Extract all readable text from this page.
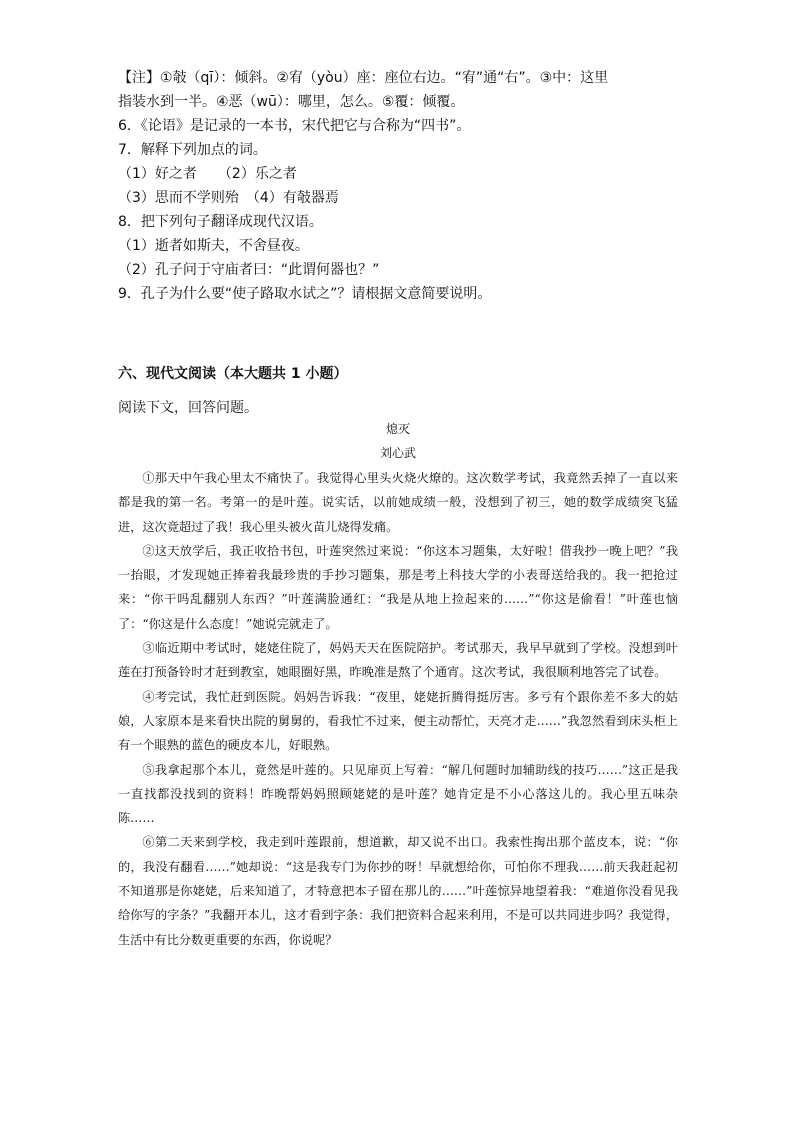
【注】①攲（qī）：倾斜。②宥（yòu）座：座位右边。“宥”通“右”。③中：这里

指装水到一半。④恶（wū）：哪里，怎么。⑤覆：倾覆。

6．《论语》是记录的一本书，宋代把它与合称为“四书”。

7．解释下列加点的词。

（1）好之者　　（2）乐之者

（3）思而不学则殆　（4）有攲器焉

8．把下列句子翻译成现代汉语。

（1）逝者如斯夫，不舍昼夜。

（2）孔子问于守庙者曰：“此谓何器也？”

9．孔子为什么要“使子路取水试之”？请根据文意简要说明。

六、现代文阅读（本大题共 1 小题）
阅读下文，回答问题。
熄灭
刘心武

①那天中午我心里太不痛快了。我觉得心里头火烧火燎的。这次数学考试，我竟然丢掉了一直以来都是我的第一名。考第一的是叶莲。说实话，以前她成绩一般，没想到了初三，她的数学成绩突飞猛进，这次竟超过了我！我心里头被火苗儿烧得发痛。

②这天放学后，我正收拾书包，叶莲突然过来说：“你这本习题集，太好啦！借我抄一晚上吧？”我一抬眼，才发现她正捧着我最珍贵的手抄习题集，那是考上科技大学的小表哥送给我的。我一把抢过来：“你干吗乱翻别人东西？”叶莲满脸通红：“我是从地上捡起来的……”“你这是偷看！”叶莲也恼了：“你这是什么态度！”她说完就走了。

③临近期中考试时，姥姥住院了，妈妈天天在医院陪护。考试那天，我早早就到了学校。没想到叶莲在打预备铃时才赶到教室，她眼圈好黑，昨晚准是熬了个通宵。这次考试，我很顺利地答完了试卷。

④考完试，我忙赶到医院。妈妈告诉我：“夜里，姥姥折腾得挺厉害。多亏有个跟你差不多大的姑娘，人家原本是来看快出院的舅舅的，看我忙不过来，便主动帮忙，天亮才走……”我忽然看到床头柜上有一个眼熟的蓝色的硬皮本儿，好眼熟。

⑤我拿起那个本儿，竟然是叶莲的。只见扉页上写着：“解几何题时加辅助线的技巧……”这正是我一直找都没找到的资料！昨晚帮妈妈照顾姥姥的是叶莲？她肯定是不小心落这儿的。我心里五味杂陈……

⑥第二天来到学校，我走到叶莲跟前，想道歉，却又说不出口。我索性掏出那个蓝皮本，说：“你的，我没有翻看……”她却说：“这是我专门为你抄的呀！早就想给你，可怕你不理我……前天我赶起初不知道那是你姥姥，后来知道了，才特意把本子留在那儿的……”叶莲惊异地望着我：“难道你没看见我给你写的字条？”我翻开本儿，这才看到字条：我们把资料合起来利用，不是可以共同进步吗？我觉得，生活中有比分数更重要的东西，你说呢？
